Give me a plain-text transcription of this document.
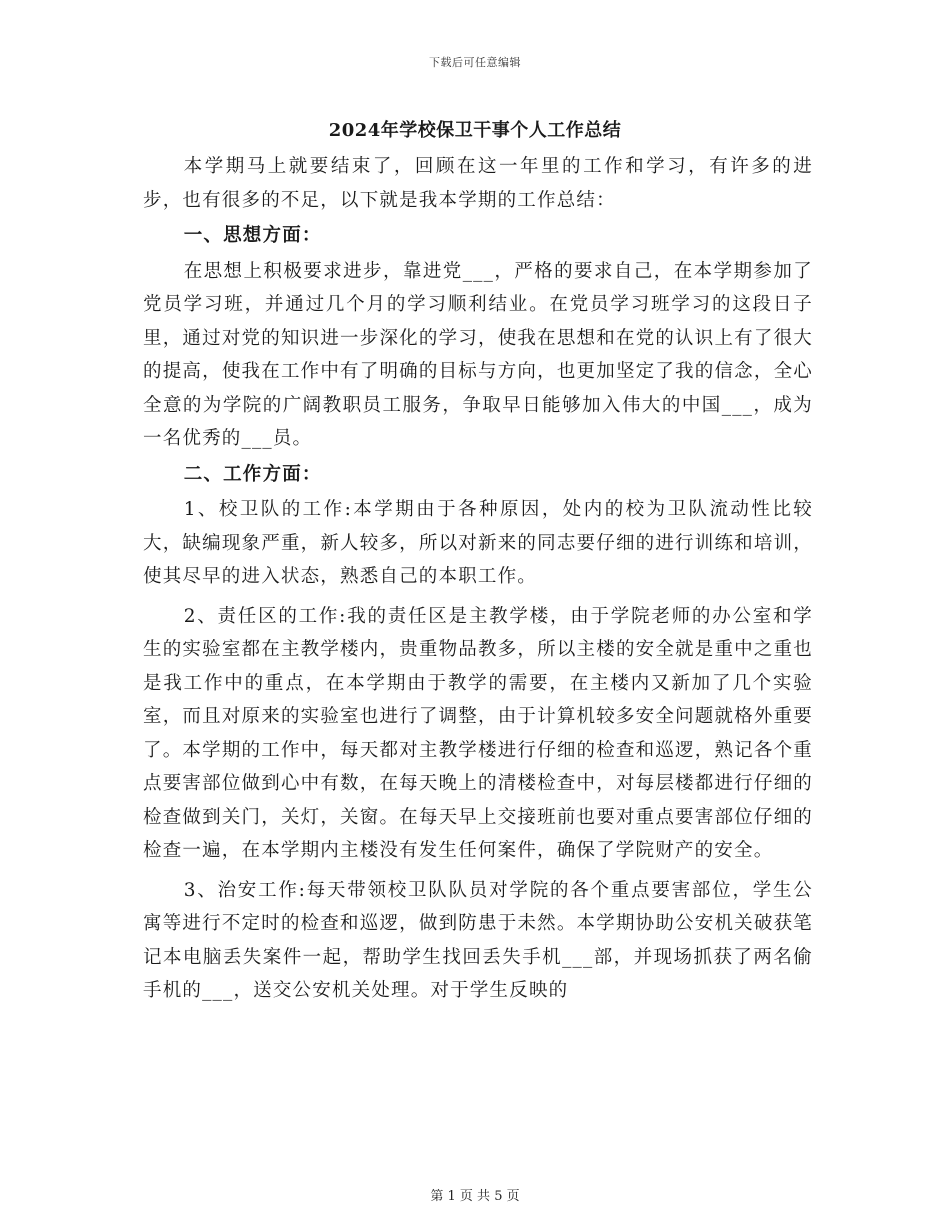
下载后可任意编辑
2024年学校保卫干事个人工作总结

本学期马上就要结束了，回顾在这一年里的工作和学习，有许多的进步，也有很多的不足，以下就是我本学期的工作总结：

一、思想方面：

在思想上积极要求进步，靠进党___，严格的要求自己，在本学期参加了党员学习班，并通过几个月的学习顺利结业。在党员学习班学习的这段日子里，通过对党的知识进一步深化的学习，使我在思想和在党的认识上有了很大的提高，使我在工作中有了明确的目标与方向，也更加坚定了我的信念，全心全意的为学院的广阔教职员工服务，争取早日能够加入伟大的中国___，成为一名优秀的___员。

二、工作方面：

1、校卫队的工作:本学期由于各种原因，处内的校为卫队流动性比较大，缺编现象严重，新人较多，所以对新来的同志要仔细的进行训练和培训，使其尽早的进入状态，熟悉自己的本职工作。

2、责任区的工作:我的责任区是主教学楼，由于学院老师的办公室和学生的实验室都在主教学楼内，贵重物品教多，所以主楼的安全就是重中之重也是我工作中的重点，在本学期由于教学的需要，在主楼内又新加了几个实验室，而且对原来的实验室也进行了调整，由于计算机较多安全问题就格外重要了。本学期的工作中，每天都对主教学楼进行仔细的检查和巡逻，熟记各个重点要害部位做到心中有数，在每天晚上的清楼检查中，对每层楼都进行仔细的检查做到关门，关灯，关窗。在每天早上交接班前也要对重点要害部位仔细的检查一遍，在本学期内主楼没有发生任何案件，确保了学院财产的安全。

3、治安工作:每天带领校卫队队员对学院的各个重点要害部位，学生公寓等进行不定时的检查和巡逻，做到防患于未然。本学期协助公安机关破获笔记本电脑丢失案件一起，帮助学生找回丢失手机___部，并现场抓获了两名偷手机的___，送交公安机关处理。对于学生反映的

第 1 页 共 5 页
